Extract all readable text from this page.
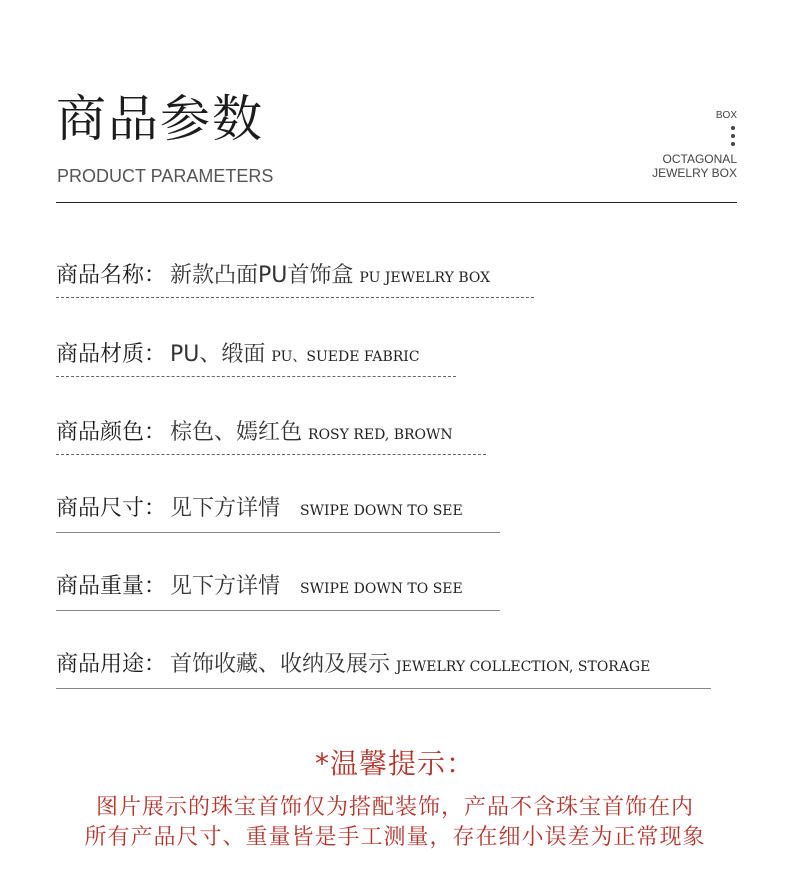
商品参数
PRODUCT PARAMETERS
BOX
OCTAGONAL
JEWELRY BOX
商品名称： 新款凸面PU首饰盒 PU JEWELRY BOX
商品材质： PU、缎面 PU、SUEDE FABRIC
商品颜色： 棕色、嫣红色 ROSY RED, BROWN
商品尺寸： 见下方详情 SWIPE DOWN TO SEE
商品重量： 见下方详情 SWIPE DOWN TO SEE
商品用途： 首饰收藏、收纳及展示 JEWELRY COLLECTION, STORAGE
*温馨提示：
图片展示的珠宝首饰仅为搭配装饰，产品不含珠宝首饰在内
所有产品尺寸、重量皆是手工测量，存在细小误差为正常现象
